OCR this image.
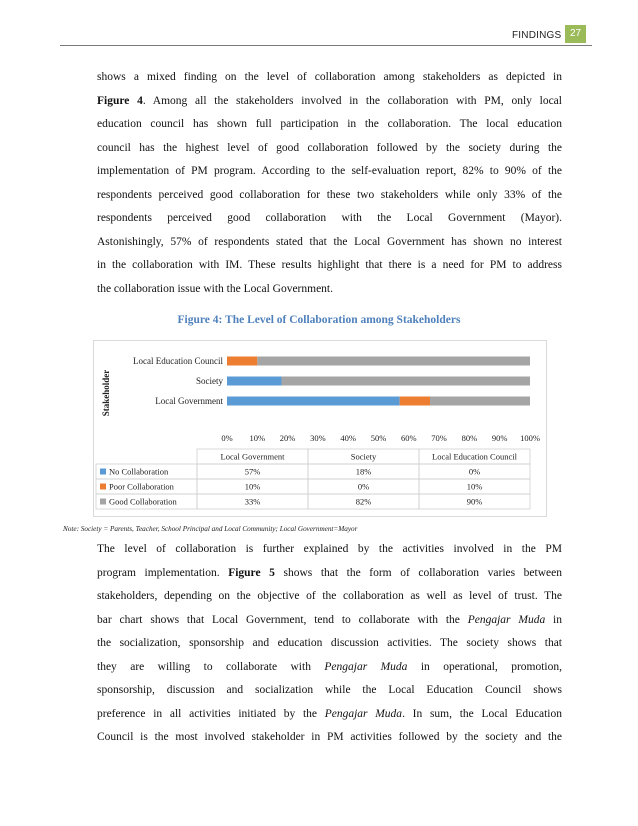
FINDINGS 27
shows a mixed finding on the level of collaboration among stakeholders as depicted in
Figure 4. Among all the stakeholders involved in the collaboration with PM, only local
education council has shown full participation in the collaboration. The local education
council has the highest level of good collaboration followed by the society during the
implementation of PM program. According to the self-evaluation report, 82% to 90% of the
respondents perceived good collaboration for these two stakeholders while only 33% of the
respondents perceived good collaboration with the Local Government (Mayor).
Astonishingly, 57% of respondents stated that the Local Government has shown no interest
in the collaboration with IM. These results highlight that there is a need for PM to address
the collaboration issue with the Local Government.
Figure 4: The Level of Collaboration among Stakeholders
Stakeholder	Local Government
Society
Local Education Council
0% 10% 20% 30% 40% 50% 60% 70% 80% 90% 100%
Local Government	Society	Local Education Council
No Collaboration	57%	18%	0%
Poor Collaboration	10%	0%	10%
Good Collaboration	33%	82%	90%
Note: Society = Parents, Teacher, School Principal and Local Community; Local Government=Mayor
The level of collaboration is further explained by the activities involved in the PM
program implementation. Figure 5 shows that the form of collaboration varies between
stakeholders, depending on the objective of the collaboration as well as level of trust. The
bar chart shows that Local Government, tend to collaborate with the Pengajar Muda in
the socialization, sponsorship and education discussion activities. The society shows that
they are willing to collaborate with Pengajar Muda in operational, promotion,
sponsorship, discussion and socialization while the Local Education Council shows
preference in all activities initiated by the Pengajar Muda. In sum, the Local Education
Council is the most involved stakeholder in PM activities followed by the society and the
